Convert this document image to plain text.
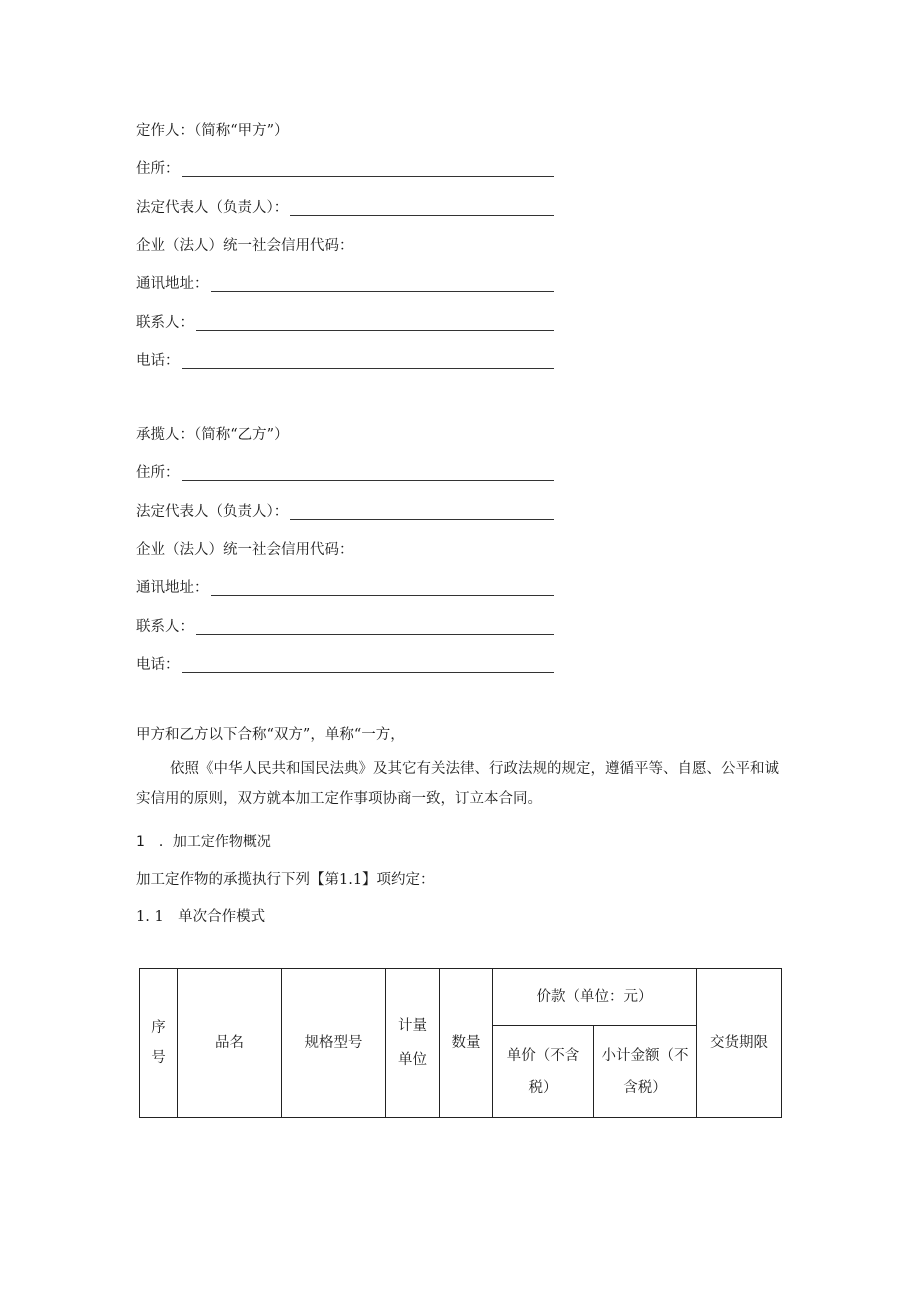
定作人：（简称“甲方”）
住所：
法定代表人（负责人）：
企业（法人）统一社会信用代码：
通讯地址：
联系人：
电话：
承揽人：（简称“乙方”）
住所：
法定代表人（负责人）：
企业（法人）统一社会信用代码：
通讯地址：
联系人：
电话：
甲方和乙方以下合称“双方”，单称“一方，
依照《中华人民共和国民法典》及其它有关法律、行政法规的规定，遵循平等、自愿、公平和诚实信用的原则，双方就本加工定作事项协商一致，订立本合同。
1　．加工定作物概况
加工定作物的承揽执行下列【第1.1】项约定：
1. 1　单次合作模式
序号	品名	规格型号	计量单位	数量	价款（单位：元）		交货期限
					单价（不含税）	小计金额（不含税）	
